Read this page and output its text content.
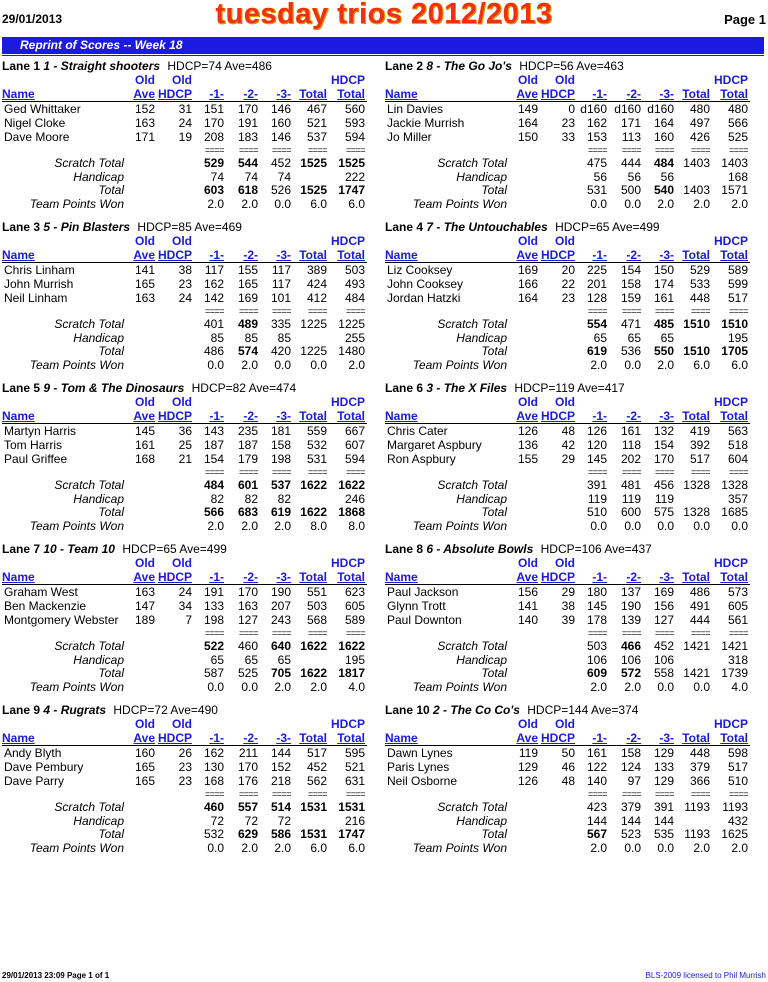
29/01/2013	tuesday trios 2012/2013	Page 1
Reprint of Scores -- Week 18
Lane 1 1 - Straight shooters HDCP=74 Ave=486
Old Old	HDCP
Name	Ave HDCP -1- -2- -3- Total Total
Ged Whittaker	152 31 151 170 146 467 560
Nigel Cloke	163 24 170 191 160 521 593
Dave Moore	171 19 208 183 146 537 594
==== ==== ==== ==== ====
Scratch Total	529 544 452 1525 1525
Handicap	74 74 74	222
Total	603 618 526 1525 1747
Team Points Won	2.0 2.0 0.0 6.0 6.0
Lane 2 8 - The Go Jo's HDCP=56 Ave=463
Old Old	HDCP
Name	Ave HDCP -1- -2- -3- Total Total
Lin Davies	149	0 d160 d160 d160 480 480
Jackie Murrish	164 23 162 171 164 497 566
Jo Miller	150 33 153 113 160 426 525
==== ==== ==== ==== ====
Scratch Total	475 444 484 1403 1403
Handicap	56 56 56	168
Total	531 500 540 1403 1571
Team Points Won	0.0 0.0 2.0 2.0 2.0
Lane 3 5 - Pin Blasters HDCP=85 Ave=469
Old Old	HDCP
Name	Ave HDCP -1- -2- -3- Total Total
Chris Linham	141 38 117 155 117 389 503
John Murrish	165 23 162 165 117 424 493
Neil Linham	163 24 142 169 101 412 484
==== ==== ==== ==== ====
Scratch Total	401 489 335 1225 1225
Handicap	85 85 85	255
Total	486 574 420 1225 1480
Team Points Won	0.0 2.0 0.0 0.0 2.0
Lane 4 7 - The Untouchables HDCP=65 Ave=499
Old Old	HDCP
Name	Ave HDCP -1- -2- -3- Total Total
Liz Cooksey	169 20 225 154 150 529 589
John Cooksey	166 22 201 158 174 533 599
Jordan Hatzki	164 23 128 159 161 448 517
==== ==== ==== ==== ====
Scratch Total	554 471 485 1510 1510
Handicap	65 65 65	195
Total	619 536 550 1510 1705
Team Points Won	2.0 0.0 2.0 6.0 6.0
Lane 5 9 - Tom & The Dinosaurs HDCP=82 Ave=474
Old Old	HDCP
Name	Ave HDCP -1- -2- -3- Total Total
Martyn Harris	145 36 143 235 181 559 667
Tom Harris	161 25 187 187 158 532 607
Paul Griffee	168 21 154 179 198 531 594
==== ==== ==== ==== ====
Scratch Total	484 601 537 1622 1622
Handicap	82 82 82	246
Total	566 683 619 1622 1868
Team Points Won	2.0 2.0 2.0 8.0 8.0
Lane 6 3 - The X Files HDCP=119 Ave=417
Old Old	HDCP
Name	Ave HDCP -1- -2- -3- Total Total
Chris Cater	126 48 126 161 132 419 563
Margaret Aspbury	136 42 120 118 154 392 518
Ron Aspbury	155 29 145 202 170 517 604
==== ==== ==== ==== ====
Scratch Total	391 481 456 1328 1328
Handicap	119 119 119	357
Total	510 600 575 1328 1685
Team Points Won	0.0 0.0 0.0 0.0 0.0
Lane 7 10 - Team 10 HDCP=65 Ave=499
Old Old	HDCP
Name	Ave HDCP -1- -2- -3- Total Total
Graham West	163 24 191 170 190 551 623
Ben Mackenzie	147 34 133 163 207 503 605
Montgomery Webster 189	7 198 127 243 568 589
==== ==== ==== ==== ====
Scratch Total	522 460 640 1622 1622
Handicap	65 65 65	195
Total	587 525 705 1622 1817
Team Points Won	0.0 0.0 2.0 2.0 4.0
Lane 8 6 - Absolute Bowls HDCP=106 Ave=437
Old Old	HDCP
Name	Ave HDCP -1- -2- -3- Total Total
Paul Jackson	156 29 180 137 169 486 573
Glynn Trott	141 38 145 190 156 491 605
Paul Downton	140 39 178 139 127 444 561
==== ==== ==== ==== ====
Scratch Total	503 466 452 1421 1421
Handicap	106 106 106	318
Total	609 572 558 1421 1739
Team Points Won	2.0 2.0 0.0 0.0 4.0
Lane 9 4 - Rugrats HDCP=72 Ave=490
Old Old	HDCP
Name	Ave HDCP -1- -2- -3- Total Total
Andy Blyth	160 26 162 211 144 517 595
Dave Pembury	165 23 130 170 152 452 521
Dave Parry	165 23 168 176 218 562 631
==== ==== ==== ==== ====
Scratch Total	460 557 514 1531 1531
Handicap	72 72 72	216
Total	532 629 586 1531 1747
Team Points Won	0.0 2.0 2.0 6.0 6.0
Lane 10 2 - The Co Co's HDCP=144 Ave=374
Old Old	HDCP
Name	Ave HDCP -1- -2- -3- Total Total
Dawn Lynes	119 50 161 158 129 448 598
Paris Lynes	129 46 122 124 133 379 517
Neil Osborne	126 48 140 97 129 366 510
==== ==== ==== ==== ====
Scratch Total	423 379 391 1193 1193
Handicap	144 144 144	432
Total	567 523 535 1193 1625
Team Points Won	2.0 0.0 0.0 2.0 2.0
29/01/2013 23:09 Page 1 of 1	BLS-2009 licensed to Phil Murrish
